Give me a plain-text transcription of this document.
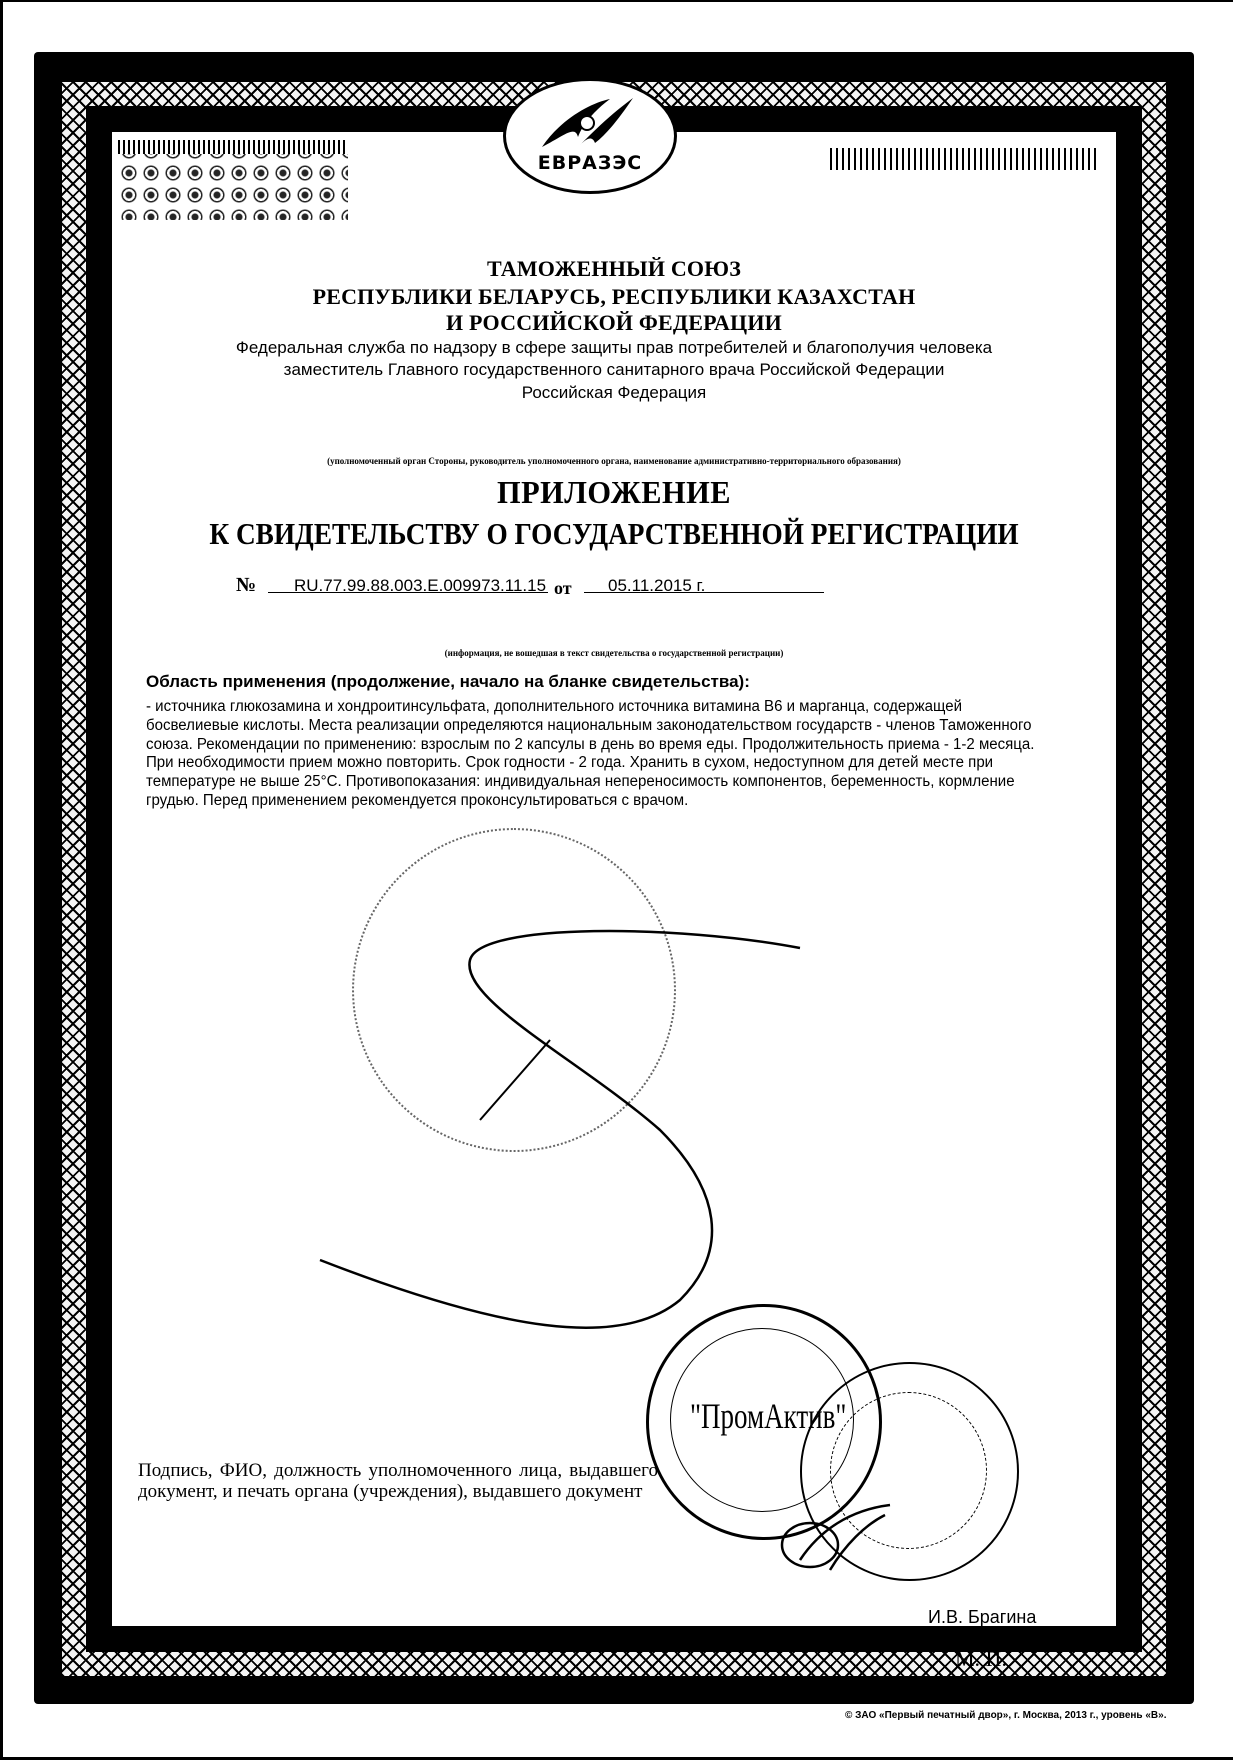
ЕВРАЗЭС
ТАМОЖЕННЫЙ СОЮЗ
РЕСПУБЛИКИ БЕЛАРУСЬ, РЕСПУБЛИКИ КАЗАХСТАН
И РОССИЙСКОЙ ФЕДЕРАЦИИ
Федеральная служба по надзору в сфере защиты прав потребителей и благополучия человека
заместитель Главного государственного санитарного врача Российской Федерации
Российская Федерация
(уполномоченный орган Стороны, руководитель уполномоченного органа, наименование административно-территориального образования)
ПРИЛОЖЕНИЕ
К СВИДЕТЕЛЬСТВУ О ГОСУДАРСТВЕННОЙ РЕГИСТРАЦИИ
№ RU.77.99.88.003.E.009973.11.15 от 05.11.2015 г.
(информация, не вошедшая в текст свидетельства о государственной регистрации)
Область применения (продолжение, начало на бланке свидетельства):
- источника глюкозамина и хондроитинсульфата, дополнительного источника витамина В6 и марганца, содержащей босвелиевые кислоты. Места реализации определяются национальным законодательством государств - членов Таможенного союза. Рекомендации по применению: взрослым по 2 капсулы в день во время еды. Продолжительность приема - 1-2 месяца. При необходимости прием можно повторить. Срок годности - 2 года. Хранить в сухом, недоступном для детей месте при температуре не выше 25°С. Противопоказания: индивидуальная непереносимость компонентов, беременность, кормление грудью. Перед применением рекомендуется проконсультироваться с врачом.
"ПромАктив"
Подпись, ФИО, должность уполномоченного лица, выдавшего документ, и печать органа (учреждения), выдавшего документ
И.В. Брагина
(Ф. И. О., подпись)	М. П.
© ЗАО «Первый печатный двор», г. Москва, 2013 г., уровень «В».
